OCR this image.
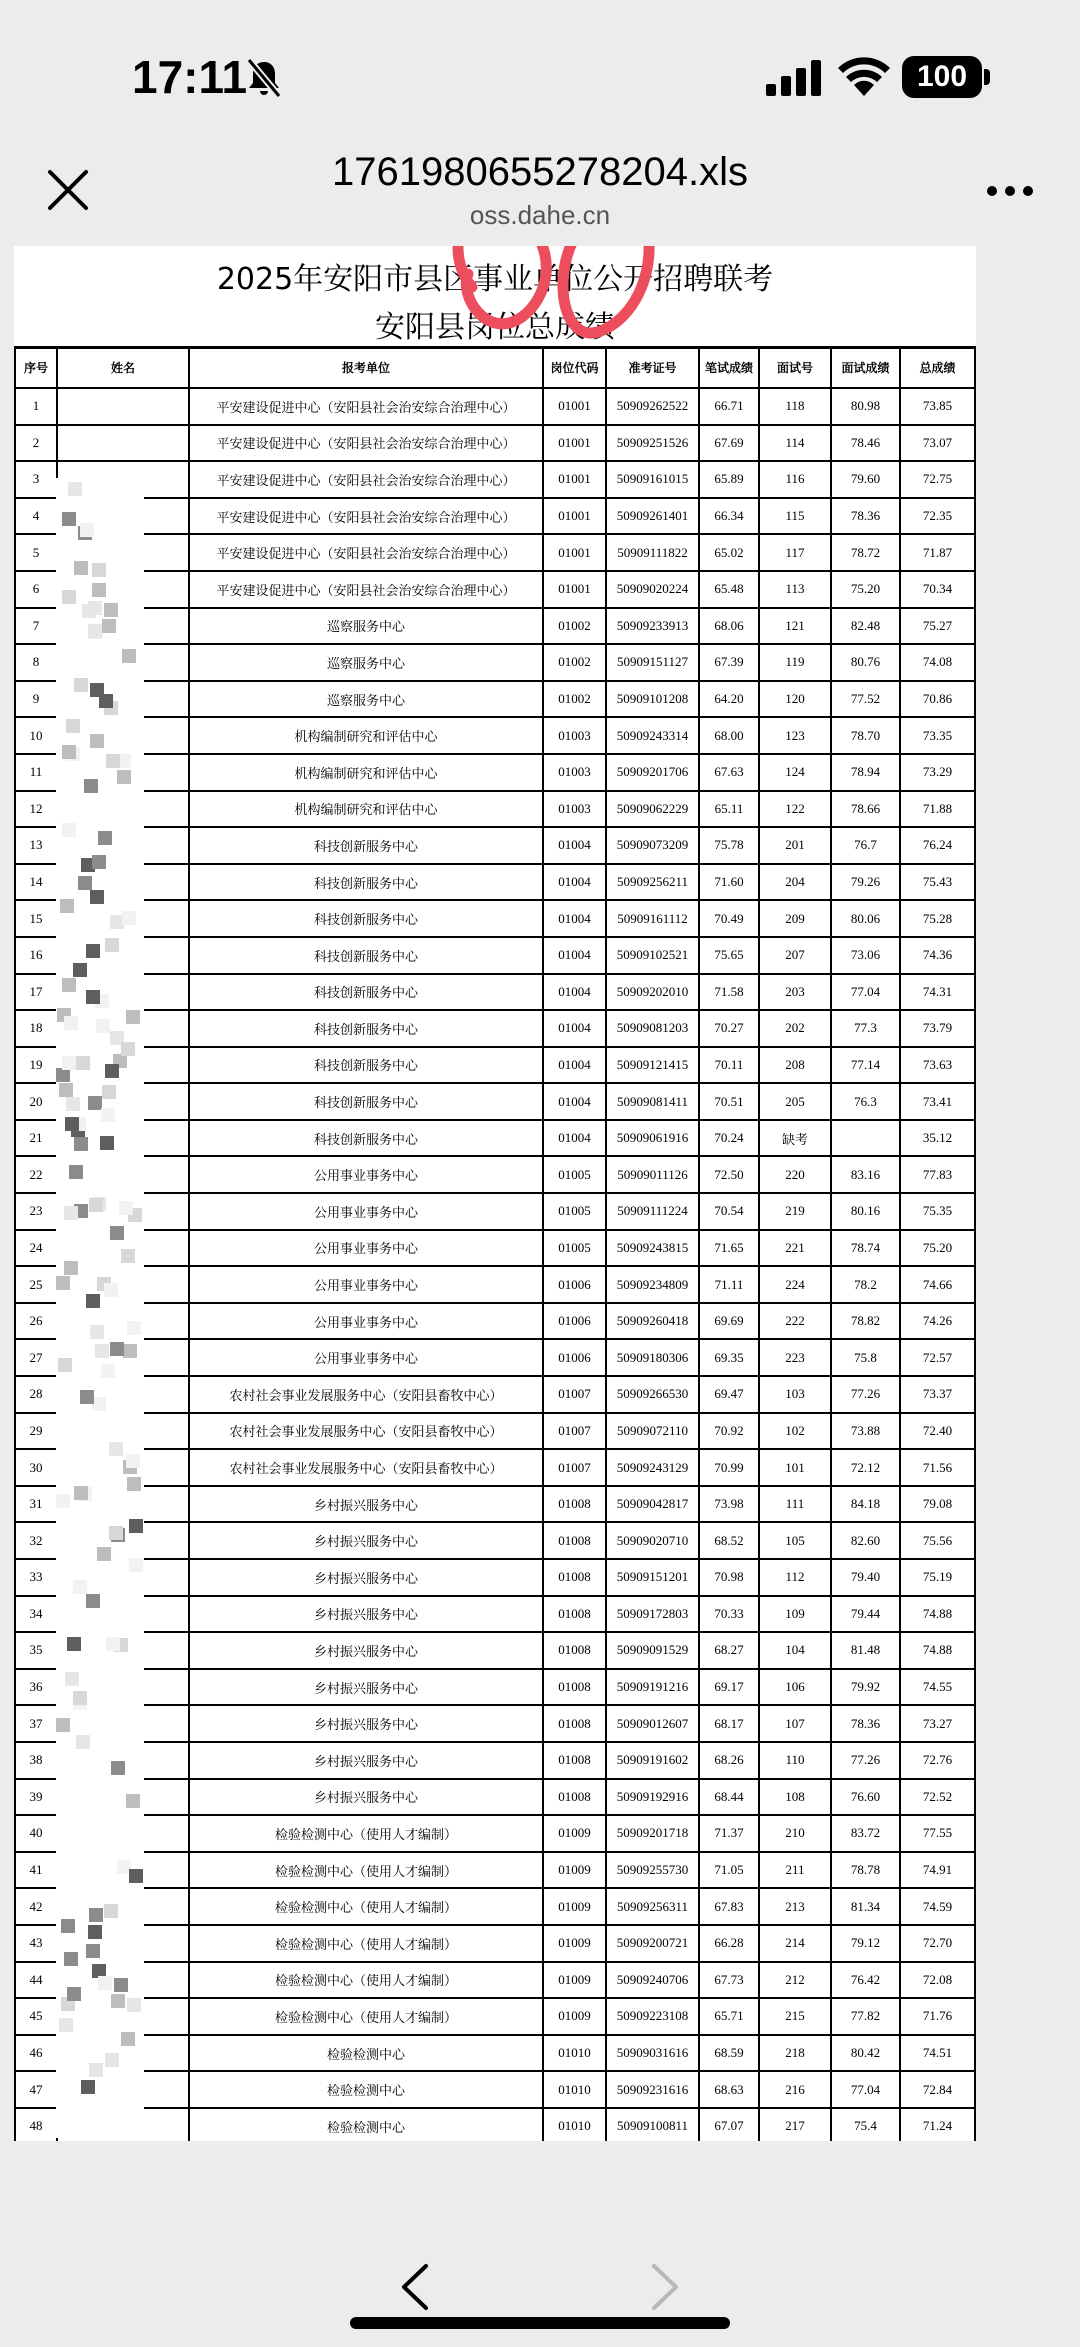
17:11	100
1761980655278204.xls
oss.dahe.cn
2025年安阳市县区事业单位公开招聘联考
安阳县岗位总成绩
序号	姓名	报考单位	岗位代码	准考证号	笔试成绩	面试号	面试成绩	总成绩
1		平安建设促进中心（安阳县社会治安综合治理中心）	01001	50909262522	66.71	118	80.98	73.85
2		平安建设促进中心（安阳县社会治安综合治理中心）	01001	50909251526	67.69	114	78.46	73.07
3		平安建设促进中心（安阳县社会治安综合治理中心）	01001	50909161015	65.89	116	79.60	72.75
4		平安建设促进中心（安阳县社会治安综合治理中心）	01001	50909261401	66.34	115	78.36	72.35
5		平安建设促进中心（安阳县社会治安综合治理中心）	01001	50909111822	65.02	117	78.72	71.87
6		平安建设促进中心（安阳县社会治安综合治理中心）	01001	50909020224	65.48	113	75.20	70.34
7		巡察服务中心	01002	50909233913	68.06	121	82.48	75.27
8		巡察服务中心	01002	50909151127	67.39	119	80.76	74.08
9		巡察服务中心	01002	50909101208	64.20	120	77.52	70.86
10		机构编制研究和评估中心	01003	50909243314	68.00	123	78.70	73.35
11		机构编制研究和评估中心	01003	50909201706	67.63	124	78.94	73.29
12		机构编制研究和评估中心	01003	50909062229	65.11	122	78.66	71.88
13		科技创新服务中心	01004	50909073209	75.78	201	76.7	76.24
14		科技创新服务中心	01004	50909256211	71.60	204	79.26	75.43
15		科技创新服务中心	01004	50909161112	70.49	209	80.06	75.28
16		科技创新服务中心	01004	50909102521	75.65	207	73.06	74.36
17		科技创新服务中心	01004	50909202010	71.58	203	77.04	74.31
18		科技创新服务中心	01004	50909081203	70.27	202	77.3	73.79
19		科技创新服务中心	01004	50909121415	70.11	208	77.14	73.63
20		科技创新服务中心	01004	50909081411	70.51	205	76.3	73.41
21		科技创新服务中心	01004	50909061916	70.24	缺考		35.12
22		公用事业事务中心	01005	50909011126	72.50	220	83.16	77.83
23		公用事业事务中心	01005	50909111224	70.54	219	80.16	75.35
24		公用事业事务中心	01005	50909243815	71.65	221	78.74	75.20
25		公用事业事务中心	01006	50909234809	71.11	224	78.2	74.66
26		公用事业事务中心	01006	50909260418	69.69	222	78.82	74.26
27		公用事业事务中心	01006	50909180306	69.35	223	75.8	72.57
28		农村社会事业发展服务中心（安阳县畜牧中心）	01007	50909266530	69.47	103	77.26	73.37
29		农村社会事业发展服务中心（安阳县畜牧中心）	01007	50909072110	70.92	102	73.88	72.40
30		农村社会事业发展服务中心（安阳县畜牧中心）	01007	50909243129	70.99	101	72.12	71.56
31		乡村振兴服务中心	01008	50909042817	73.98	111	84.18	79.08
32		乡村振兴服务中心	01008	50909020710	68.52	105	82.60	75.56
33		乡村振兴服务中心	01008	50909151201	70.98	112	79.40	75.19
34		乡村振兴服务中心	01008	50909172803	70.33	109	79.44	74.88
35		乡村振兴服务中心	01008	50909091529	68.27	104	81.48	74.88
36		乡村振兴服务中心	01008	50909191216	69.17	106	79.92	74.55
37		乡村振兴服务中心	01008	50909012607	68.17	107	78.36	73.27
38		乡村振兴服务中心	01008	50909191602	68.26	110	77.26	72.76
39		乡村振兴服务中心	01008	50909192916	68.44	108	76.60	72.52
40		检验检测中心（使用人才编制）	01009	50909201718	71.37	210	83.72	77.55
41		检验检测中心（使用人才编制）	01009	50909255730	71.05	211	78.78	74.91
42		检验检测中心（使用人才编制）	01009	50909256311	67.83	213	81.34	74.59
43		检验检测中心（使用人才编制）	01009	50909200721	66.28	214	79.12	72.70
44		检验检测中心（使用人才编制）	01009	50909240706	67.73	212	76.42	72.08
45		检验检测中心（使用人才编制）	01009	50909223108	65.71	215	77.82	71.76
46		检验检测中心	01010	50909031616	68.59	218	80.42	74.51
47		检验检测中心	01010	50909231616	68.63	216	77.04	72.84
48		检验检测中心	01010	50909100811	67.07	217	75.4	71.24
